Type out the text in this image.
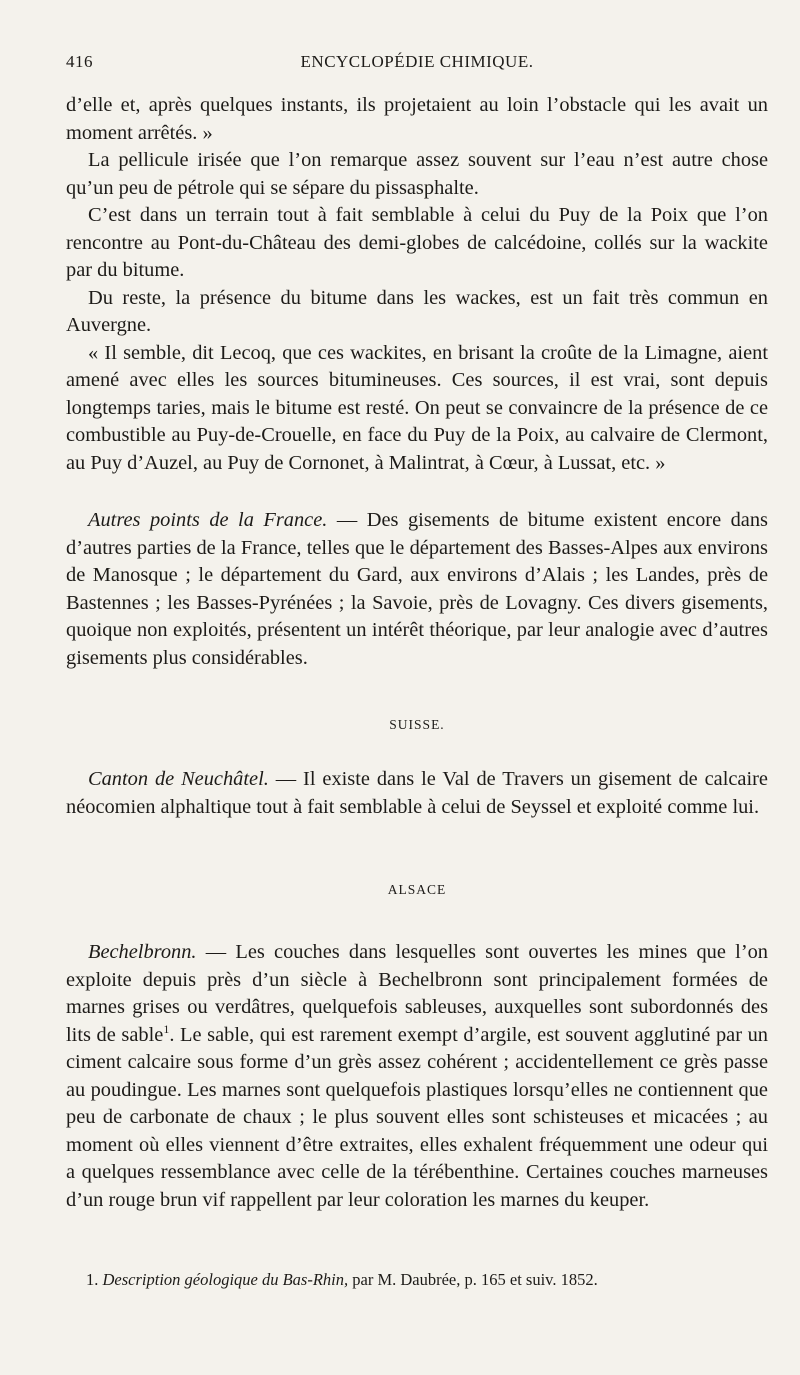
416	ENCYCLOPÉDIE CHIMIQUE.

d’elle et, après quelques instants, ils projetaient au loin l’obstacle qui les avait un moment arrêtés. »

La pellicule irisée que l’on remarque assez souvent sur l’eau n’est autre chose qu’un peu de pétrole qui se sépare du pissasphalte.

C’est dans un terrain tout à fait semblable à celui du Puy de la Poix que l’on rencontre au Pont-du-Château des demi-globes de calcédoine, collés sur la wackite par du bitume.

Du reste, la présence du bitume dans les wackes, est un fait très commun en Auvergne.

« Il semble, dit Lecoq, que ces wackites, en brisant la croûte de la Limagne, aient amené avec elles les sources bitumineuses. Ces sources, il est vrai, sont depuis longtemps taries, mais le bitume est resté. On peut se convaincre de la présence de ce combustible au Puy-de-Crouelle, en face du Puy de la Poix, au calvaire de Clermont, au Puy d’Auzel, au Puy de Cornonet, à Malintrat, à Cœur, à Lussat, etc. »

Autres points de la France. — Des gisements de bitume existent encore dans d’autres parties de la France, telles que le département des Basses-Alpes aux environs de Manosque ; le département du Gard, aux environs d’Alais ; les Landes, près de Bastennes ; les Basses-Pyrénées ; la Savoie, près de Lovagny. Ces divers gisements, quoique non exploités, présentent un intérêt théorique, par leur analogie avec d’autres gisements plus considérables.

SUISSE.

Canton de Neuchâtel. — Il existe dans le Val de Travers un gisement de calcaire néocomien alphaltique tout à fait semblable à celui de Seyssel et exploité comme lui.

ALSACE

Bechelbronn. — Les couches dans lesquelles sont ouvertes les mines que l’on exploite depuis près d’un siècle à Bechelbronn sont principalement formées de marnes grises ou verdâtres, quelquefois sableuses, auxquelles sont subordonnés des lits de sable$^1$. Le sable, qui est rarement exempt d’argile, est souvent agglutiné par un ciment calcaire sous forme d’un grès assez cohérent ; accidentellement ce grès passe au poudingue. Les marnes sont quelquefois plastiques lorsqu’elles ne contiennent que peu de carbonate de chaux ; le plus souvent elles sont schisteuses et micacées ; au moment où elles viennent d’être extraites, elles exhalent fréquemment une odeur qui a quelques ressemblance avec celle de la térébenthine. Certaines couches marneuses d’un rouge brun vif rappellent par leur coloration les marnes du keuper.

1. Description géologique du Bas-Rhin, par M. Daubrée, p. 165 et suiv. 1852.
